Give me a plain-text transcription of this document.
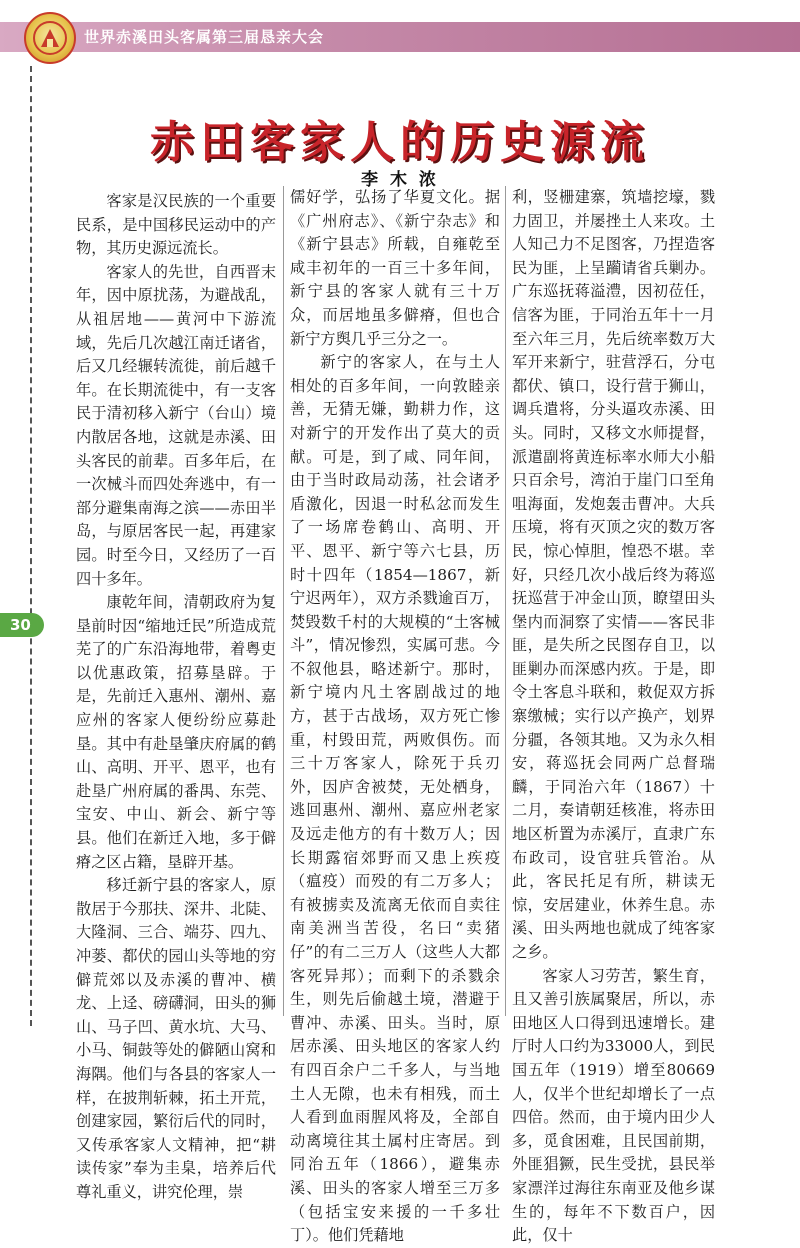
世界赤溪田头客属第三届恳亲大会
30
赤田客家人的历史源流
李 木 浓

客家是汉民族的一个重要民系，是中国移民运动中的产物，其历史源远流长。

客家人的先世，自西晋末年，因中原扰荡，为避战乱，从祖居地——黄河中下游流域，先后几次越江南迁诸省，后又几经辗转流徙，前后越千年。在长期流徙中，有一支客民于清初移入新宁（台山）境内散居各地，这就是赤溪、田头客民的前辈。百多年后，在一次械斗而四处奔逃中，有一部分避集南海之滨——赤田半岛，与原居客民一起，再建家园。时至今日，又经历了一百四十多年。

康乾年间，清朝政府为复垦前时因“缩地迁民”所造成荒芜了的广东沿海地带，着粤吏以优惠政策，招募垦辟。于是，先前迁入惠州、潮州、嘉应州的客家人便纷纷应募赴垦。其中有赴垦肇庆府属的鹤山、高明、开平、恩平，也有赴垦广州府属的番禺、东莞、宝安、中山、新会、新宁等县。他们在新迁入地，多于僻瘠之区占籍，垦辟开基。

移迁新宁县的客家人，原散居于今那扶、深井、北陡、大隆洞、三合、端芬、四九、冲蒌、都伏的园山头等地的穷僻荒郊以及赤溪的曹冲、横龙、上迳、磅礴洞，田头的狮山、马子凹、黄水坑、大马、小马、铜鼓等处的僻陋山窝和海隅。他们与各县的客家人一样，在披荆斩棘，拓土开荒，创建家园，繁衍后代的同时，又传承客家人文精神，把“耕读传家”奉为圭臬，培养后代尊礼重义，讲究伦理，崇

儒好学，弘扬了华夏文化。据《广州府志》、《新宁杂志》和《新宁县志》所载，自雍乾至咸丰初年的一百三十多年间，新宁县的客家人就有三十万众，而居地虽多僻瘠，但也合新宁方舆几乎三分之一。

新宁的客家人，在与土人相处的百多年间，一向敦睦亲善，无猜无嫌，勤耕力作，这对新宁的开发作出了莫大的贡献。可是，到了咸、同年间，由于当时政局动荡，社会诸矛盾激化，因退一时私忿而发生了一场席卷鹤山、高明、开平、恩平、新宁等六七县，历时十四年（1854—1867，新宁迟两年），双方杀戮逾百万，焚毁数千村的大规模的“土客械斗”，情况惨烈，实属可悲。今不叙他县，略述新宁。那时，新宁境内凡土客剧战过的地方，甚于古战场，双方死亡惨重，村毁田荒，两败俱伤。而三十万客家人，除死于兵刃外，因庐舍被焚，无处栖身，逃回惠州、潮州、嘉应州老家及远走他方的有十数万人；因长期露宿郊野而又患上疾疫（瘟疫）而殁的有二万多人；有被掳卖及流离无依而自卖往南美洲当苦役，名曰“卖猪仔”的有二三万人（这些人大都客死异邦）；而剩下的杀戮余生，则先后偷越土境，潜避于曹冲、赤溪、田头。当时，原居赤溪、田头地区的客家人约有四百余户二千多人，与当地土人无隙，也未有相残，而土人看到血雨腥风将及，全部自动离境往其土属村庄寄居。到同治五年（1866），避集赤溪、田头的客家人增至三万多（包括宝安来援的一千多壮丁）。他们凭藉地

利，竖栅建寨，筑墙挖壕，戮力固卫，并屡挫土人来攻。土人知己力不足图客，乃捏造客民为匪，上呈躏请省兵剿办。广东巡抚蒋溢澧，因初莅任，信客为匪，于同治五年十一月至六年三月，先后统率数万大军开来新宁，驻营浮石，分屯都伏、镇口，设行营于狮山，调兵遣将，分头逼攻赤溪、田头。同时，又移文水师提督，派遣副将黄连标率水师大小船只百余号，湾泊于崖门口至角咀海面，发炮轰击曹冲。大兵压境，将有灭顶之灾的数万客民，惊心悼胆，惶恐不堪。幸好，只经几次小战后终为蒋巡抚巡营于冲金山顶，瞭望田头堡内而洞察了实情——客民非匪，是失所之民图存自卫，以匪剿办而深感内疚。于是，即令土客息斗联和，敕促双方拆寨缴械；实行以产换产，划界分疆，各领其地。又为永久相安，蒋巡抚会同两广总督瑞麟，于同治六年（1867）十二月，奏请朝廷核准，将赤田地区析置为赤溪厅，直隶广东布政司，设官驻兵管治。从此，客民托足有所，耕读无惊，安居建业，休养生息。赤溪、田头两地也就成了纯客家之乡。

客家人习劳苦，繁生育，且又善引族属聚居，所以，赤田地区人口得到迅速增长。建厅时人口约为33000人，到民国五年（1919）增至80669人，仅半个世纪却增长了一点四倍。然而，由于境内田少人多，觅食困难，且民国前期，外匪猖獗，民生受扰，县民举家漂洋过海往东南亚及他乡谋生的，每年不下数百户，因此，仅十
